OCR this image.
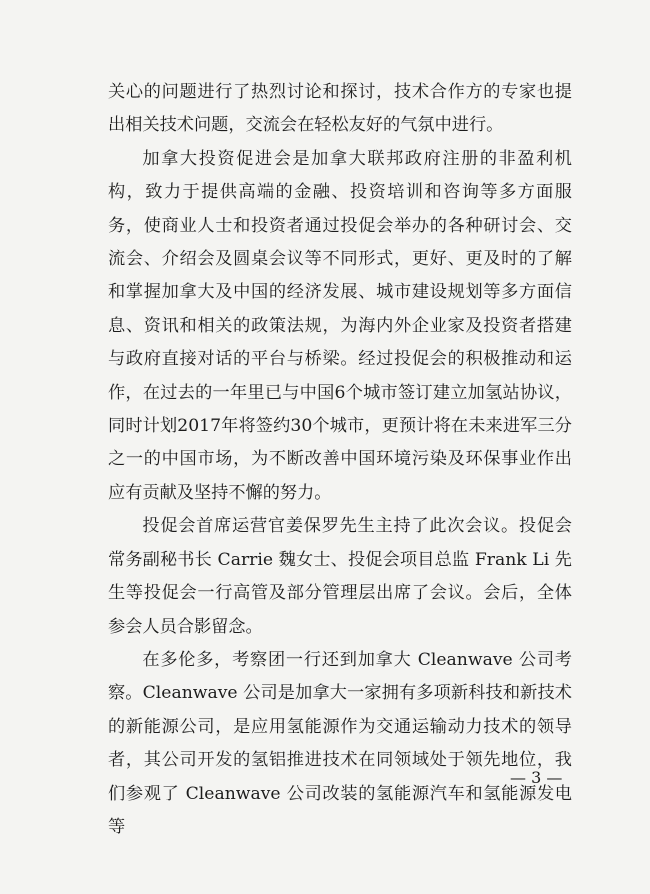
关心的问题进行了热烈讨论和探讨，技术合作方的专家也提出相关技术问题，交流会在轻松友好的气氛中进行。

加拿大投资促进会是加拿大联邦政府注册的非盈利机构，致力于提供高端的金融、投资培训和咨询等多方面服务，使商业人士和投资者通过投促会举办的各种研讨会、交流会、介绍会及圆桌会议等不同形式，更好、更及时的了解和掌握加拿大及中国的经济发展、城市建设规划等多方面信息、资讯和相关的政策法规，为海内外企业家及投资者搭建与政府直接对话的平台与桥梁。经过投促会的积极推动和运作，在过去的一年里已与中国6个城市签订建立加氢站协议，同时计划2017年将签约30个城市，更预计将在未来进军三分之一的中国市场，为不断改善中国环境污染及环保事业作出应有贡献及坚持不懈的努力。

投促会首席运营官姜保罗先生主持了此次会议。投促会常务副秘书长 Carrie 魏女士、投促会项目总监 Frank Li 先生等投促会一行高管及部分管理层出席了会议。会后，全体参会人员合影留念。

在多伦多，考察团一行还到加拿大 Cleanwave 公司考察。Cleanwave 公司是加拿大一家拥有多项新科技和新技术的新能源公司，是应用氢能源作为交通运输动力技术的领导者，其公司开发的氢铝推进技术在同领域处于领先地位，我们参观了 Cleanwave 公司改装的氢能源汽车和氢能源发电等

— 3 —
